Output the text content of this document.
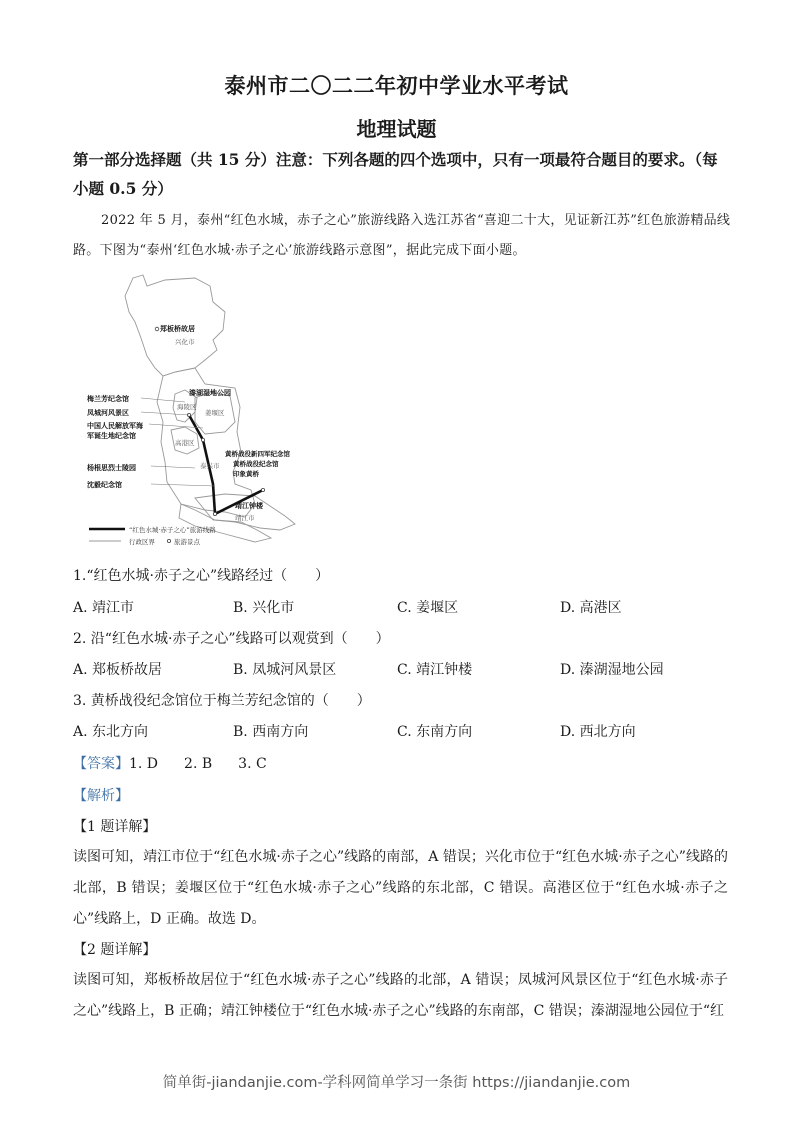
泰州市二〇二二年初中学业水平考试
地理试题
第一部分选择题（共 15 分）注意：下列各题的四个选项中，只有一项最符合题目的要求。（每
小题 0.5 分）
2022 年 5 月，泰州“红色水城，赤子之心”旅游线路入选江苏省“喜迎二十大，见证新江苏”红色旅游精品线路。下图为“泰州‘红色水城·赤子之心’旅游线路示意图”，据此完成下面小题。
郑板桥故居
溱湖湿地公园
梅兰芳纪念馆
凤城河风景区
中国人民解放军海
军诞生地纪念馆
杨根思烈士陵园
沈毅纪念馆
黄桥战役新四军纪念馆
黄桥战役纪念馆
印象黄桥
靖江钟楼
兴化市
海陵区
姜堰区
高港区
泰兴市
靖江市
“红色水城·赤子之心”旅游线路
行政区界	旅游景点
1.“红色水城·赤子之心”线路经过（　　）
A. 靖江市	B. 兴化市	C. 姜堰区	D. 高港区
2. 沿“红色水城·赤子之心”线路可以观赏到（　　）
A. 郑板桥故居	B. 凤城河风景区	C. 靖江钟楼	D. 溱湖湿地公园
3. 黄桥战役纪念馆位于梅兰芳纪念馆的（　　）
A. 东北方向	B. 西南方向	C. 东南方向	D. 西北方向
【答案】1. D 2. B 3. C
【解析】
【1 题详解】
读图可知，靖江市位于“红色水城·赤子之心”线路的南部，A 错误；兴化市位于“红色水城·赤子之心”线路的北部，B 错误；姜堰区位于“红色水城·赤子之心”线路的东北部，C 错误。高港区位于“红色水城·赤子之心”线路上，D 正确。故选 D。
【2 题详解】
读图可知，郑板桥故居位于“红色水城·赤子之心”线路的北部，A 错误；凤城河风景区位于“红色水城·赤子之心”线路上，B 正确；靖江钟楼位于“红色水城·赤子之心”线路的东南部，C 错误；溱湖湿地公园位于“红
简单街-jiandanjie.com-学科网简单学习一条街 https://jiandanjie.com
